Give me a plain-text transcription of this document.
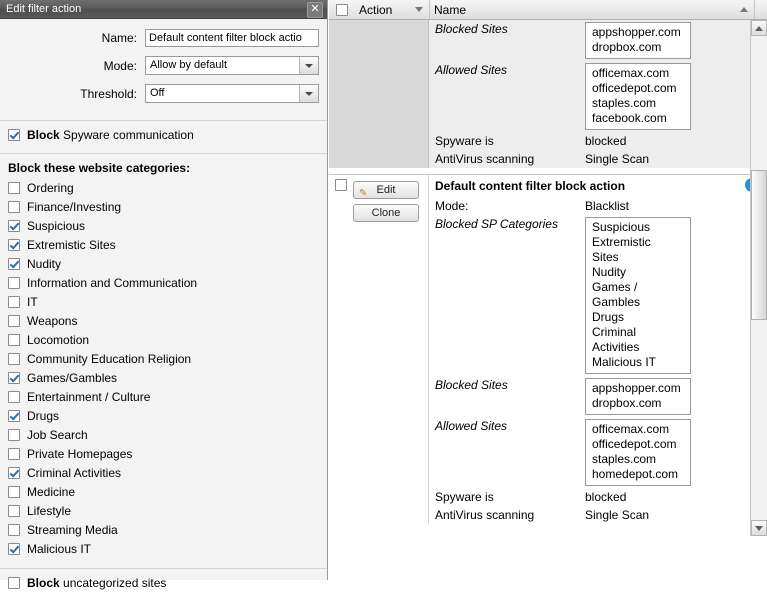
Edit filter action	✕
Name:
Default content filter block actio
Mode:	Allow by default
Threshold:	Off
Block Spyware communication
Block these website categories:
Ordering
Finance/Investing
Suspicious
Extremistic Sites
Nudity
Information and Communication
IT
Weapons
Locomotion
Community Education Religion
Games/Gambles
Entertainment / Culture
Drugs
Job Search
Private Homepages
Criminal Activities
Medicine
Lifestyle
Streaming Media
Malicious IT
Block uncategorized sites
Action	Name
Blocked Sites	appshopper.com
dropbox.com

Allowed Sites	officemax.com
officedepot.com
staples.com
facebook.com

Spyware is	blocked
AntiVirus scanning	Single Scan
✎ Edit
Clone
Default content filter block action	

Mode:	Blacklist
Blocked SP Categories	Suspicious
Extremistic
Sites
Nudity
Games /
Gambles
Drugs
Criminal
Activities
Malicious IT

Blocked Sites	appshopper.com
dropbox.com

Allowed Sites	officemax.com
officedepot.com
staples.com
homedepot.com

Spyware is	blocked
AntiVirus scanning	Single Scan
